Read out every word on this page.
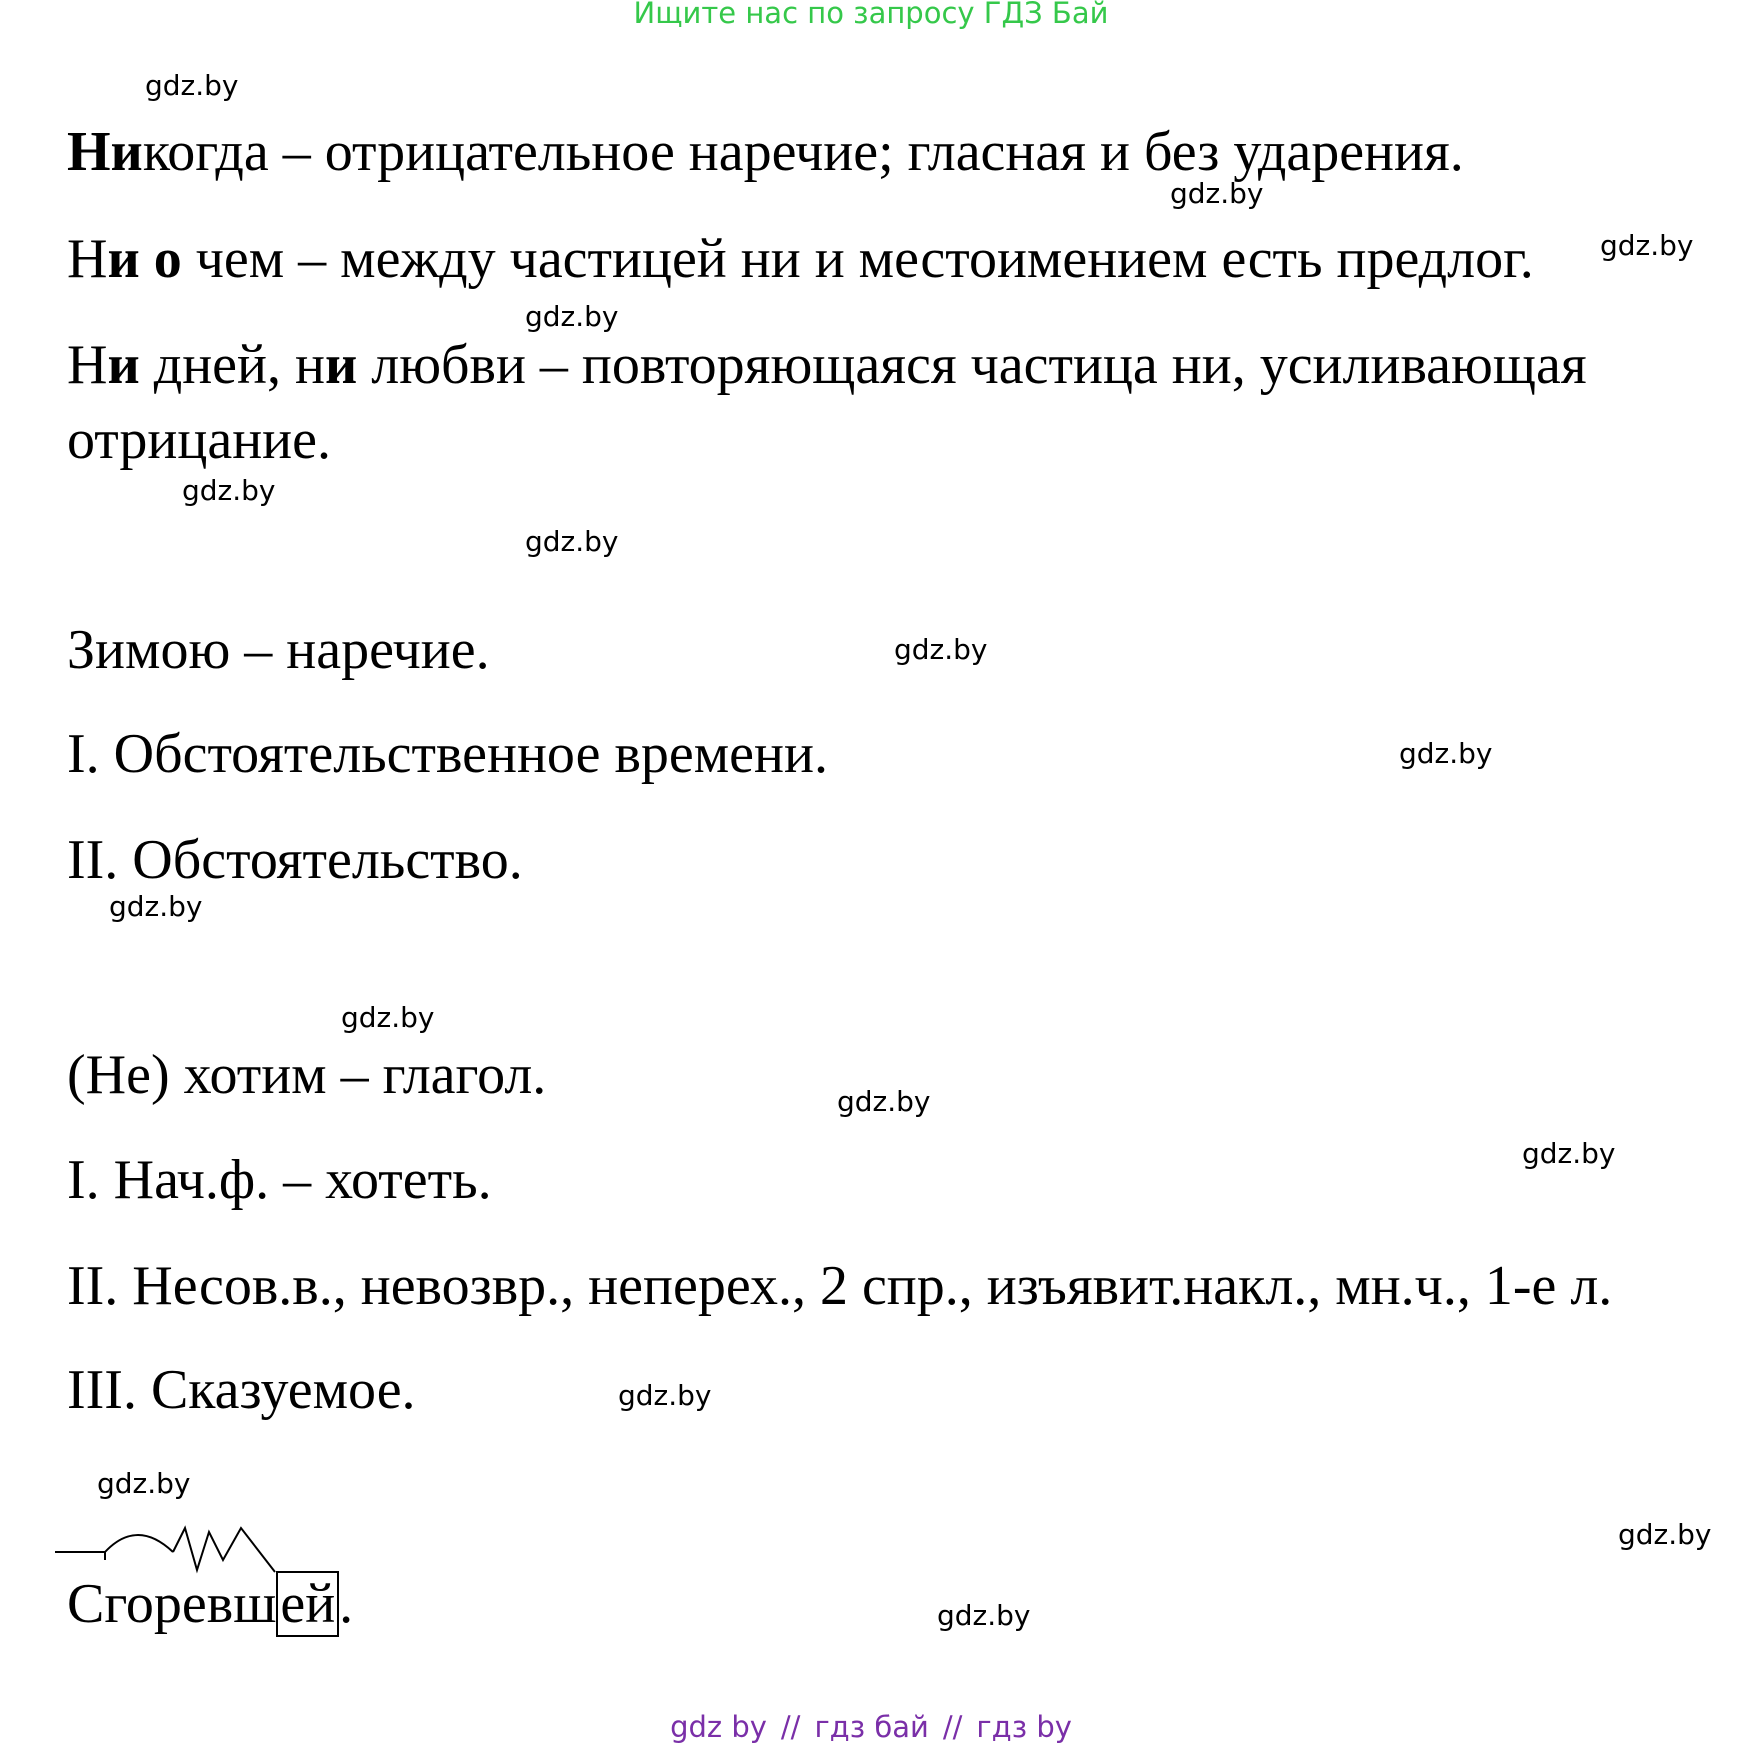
Ищите нас по запросу ГДЗ Бай
Никогда – отрицательное наречие; гласная и без ударения.
Ни о чем – между частицей ни и местоимением есть предлог.
Ни дней, ни любви – повторяющаяся частица ни, усиливающая
отрицание.
Зимою – наречие.
I. Обстоятельственное времени.
II. Обстоятельство.
(Не) хотим – глагол.
I. Нач.ф. – хотеть.
II. Несов.в., невозвр., неперех., 2 спр., изъявит.накл., мн.ч., 1-е л.
III. Сказуемое.
Сгоревшей.
gdz.by
gdz.by
gdz.by
gdz.by
gdz.by
gdz.by
gdz.by
gdz.by
gdz.by
gdz.by
gdz.by
gdz.by
gdz.by
gdz.by
gdz.by
gdz.by
gdz by // гдз бай // гдз by
